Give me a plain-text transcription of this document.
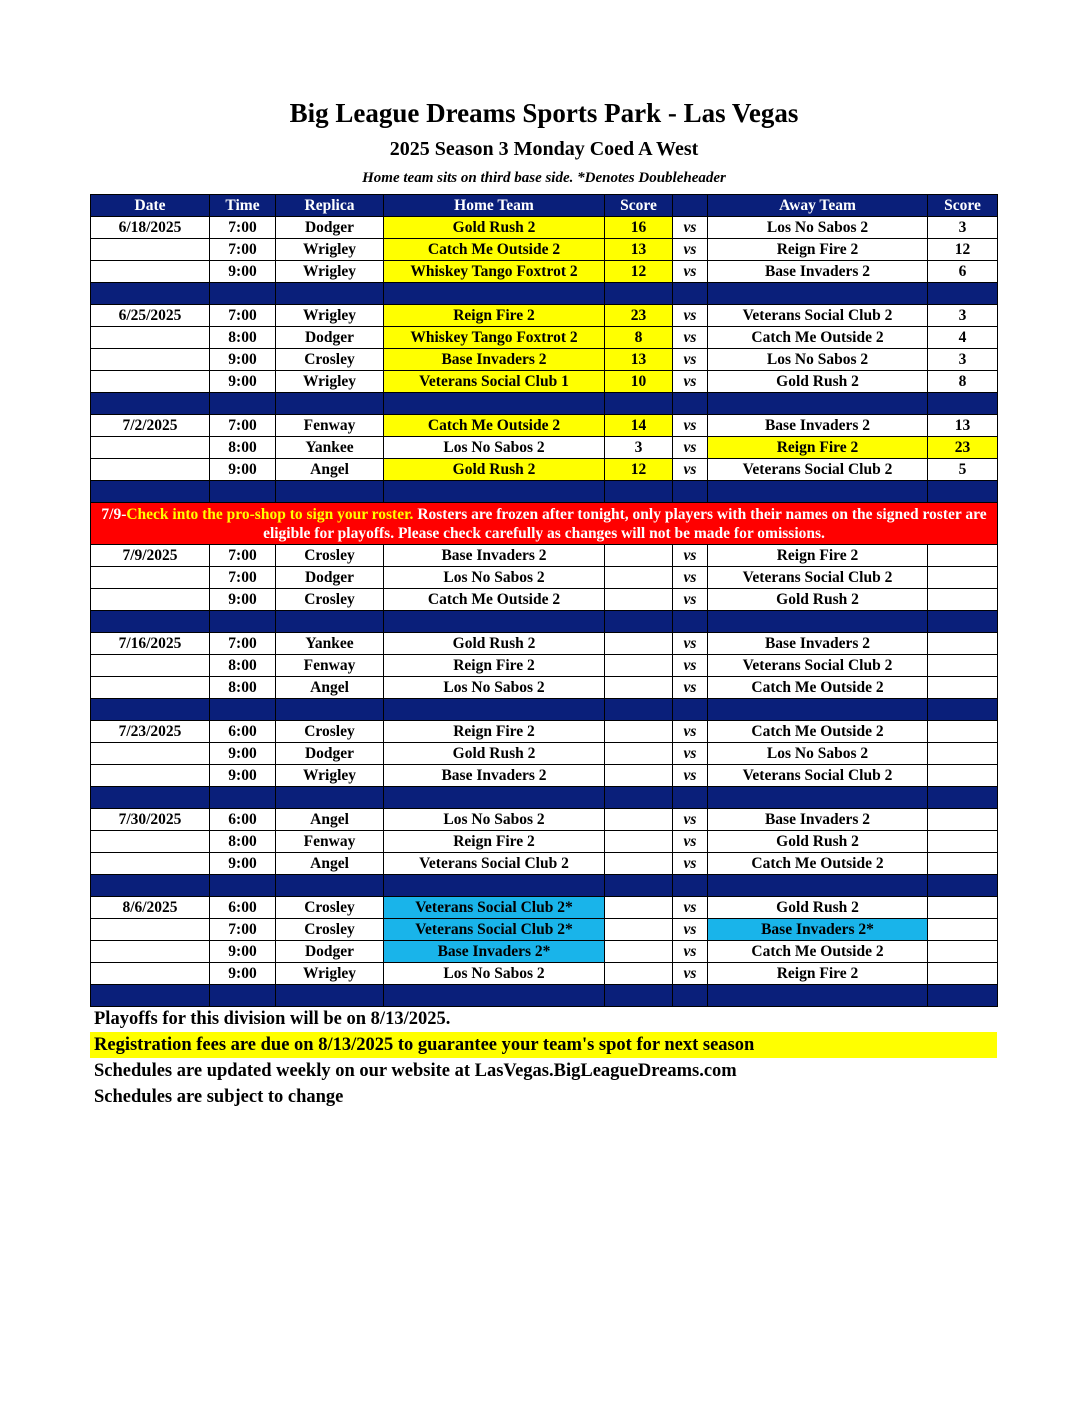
Big League Dreams Sports Park - Las Vegas
2025 Season 3 Monday Coed A West
Home team sits on third base side. *Denotes Doubleheader
Date	Time	Replica	Home Team	Score		Away Team	Score
6/18/2025	7:00	Dodger	Gold Rush 2	16	vs	Los No Sabos 2	3
	7:00	Wrigley	Catch Me Outside 2	13	vs	Reign Fire 2	12
	9:00	Wrigley	Whiskey Tango Foxtrot 2	12	vs	Base Invaders 2	6

6/25/2025	7:00	Wrigley	Reign Fire 2	23	vs	Veterans Social Club 2	3
	8:00	Dodger	Whiskey Tango Foxtrot 2	8	vs	Catch Me Outside 2	4
	9:00	Crosley	Base Invaders 2	13	vs	Los No Sabos 2	3
	9:00	Wrigley	Veterans Social Club 1	10	vs	Gold Rush 2	8

7/2/2025	7:00	Fenway	Catch Me Outside 2	14	vs	Base Invaders 2	13
	8:00	Yankee	Los No Sabos 2	3	vs	Reign Fire 2	23
	9:00	Angel	Gold Rush 2	12	vs	Veterans Social Club 2	5

7/9-Check into the pro-shop to sign your roster. Rosters are frozen after tonight, only players with their names on the signed roster are eligible for playoffs. Please check carefully as changes will not be made for omissions.							
7/9/2025	7:00	Crosley	Base Invaders 2		vs	Reign Fire 2	
	7:00	Dodger	Los No Sabos 2		vs	Veterans Social Club 2	
	9:00	Crosley	Catch Me Outside 2		vs	Gold Rush 2	

7/16/2025	7:00	Yankee	Gold Rush 2		vs	Base Invaders 2	
	8:00	Fenway	Reign Fire 2		vs	Veterans Social Club 2	
	8:00	Angel	Los No Sabos 2		vs	Catch Me Outside 2	

7/23/2025	6:00	Crosley	Reign Fire 2		vs	Catch Me Outside 2	
	9:00	Dodger	Gold Rush 2		vs	Los No Sabos 2	
	9:00	Wrigley	Base Invaders 2		vs	Veterans Social Club 2	

7/30/2025	6:00	Angel	Los No Sabos 2		vs	Base Invaders 2	
	8:00	Fenway	Reign Fire 2		vs	Gold Rush 2	
	9:00	Angel	Veterans Social Club 2		vs	Catch Me Outside 2	

8/6/2025	6:00	Crosley	Veterans Social Club 2*		vs	Gold Rush 2	
	7:00	Crosley	Veterans Social Club 2*		vs	Base Invaders 2*	
	9:00	Dodger	Base Invaders 2*		vs	Catch Me Outside 2	
	9:00	Wrigley	Los No Sabos 2		vs	Reign Fire 2	

Playoffs for this division will be on 8/13/2025.
Registration fees are due on 8/13/2025 to guarantee your team's spot for next season
Schedules are updated weekly on our website at LasVegas.BigLeagueDreams.com
Schedules are subject to change
